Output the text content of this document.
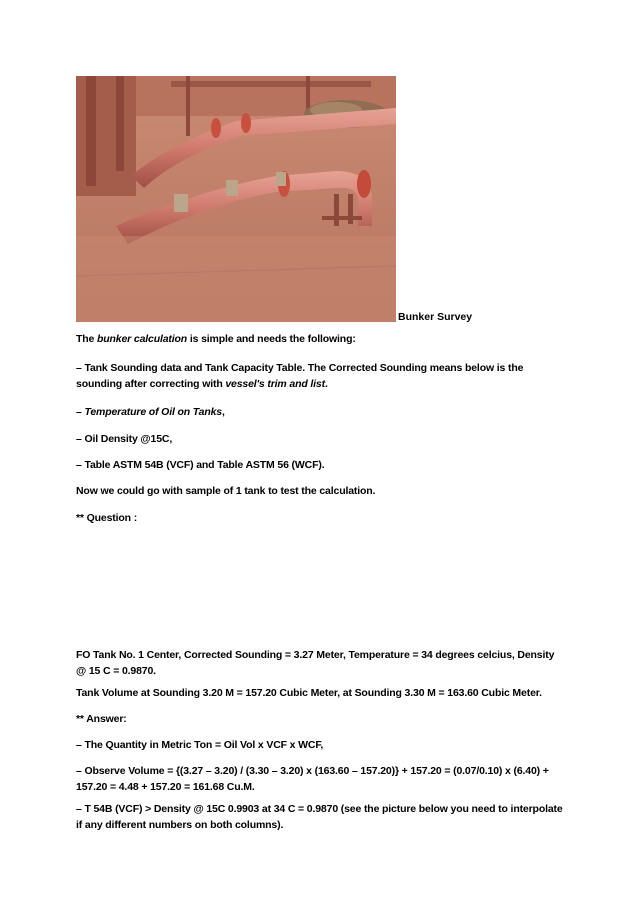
Bunker Survey

The bunker calculation is simple and needs the following:

– Tank Sounding data and Tank Capacity Table. The Corrected Sounding means below is the sounding after correcting with vessel's trim and list.

– Temperature of Oil on Tanks,

– Oil Density @15C,

– Table ASTM 54B (VCF) and Table ASTM 56 (WCF).

Now we could go with sample of 1 tank to test the calculation.

** Question :

FO Tank No. 1 Center, Corrected Sounding = 3.27 Meter, Temperature = 34 degrees celcius, Density @ 15 C = 0.9870.

Tank Volume at Sounding 3.20 M = 157.20 Cubic Meter, at Sounding 3.30 M = 163.60 Cubic Meter.

** Answer:

– The Quantity in Metric Ton = Oil Vol x VCF x WCF,

– Observe Volume = {(3.27 – 3.20) / (3.30 – 3.20) x (163.60 – 157.20)} + 157.20 = (0.07/0.10) x (6.40) + 157.20 = 4.48 + 157.20 = 161.68 Cu.M.

– T 54B (VCF) > Density @ 15C 0.9903 at 34 C = 0.9870 (see the picture below you need to interpolate if any different numbers on both columns).
